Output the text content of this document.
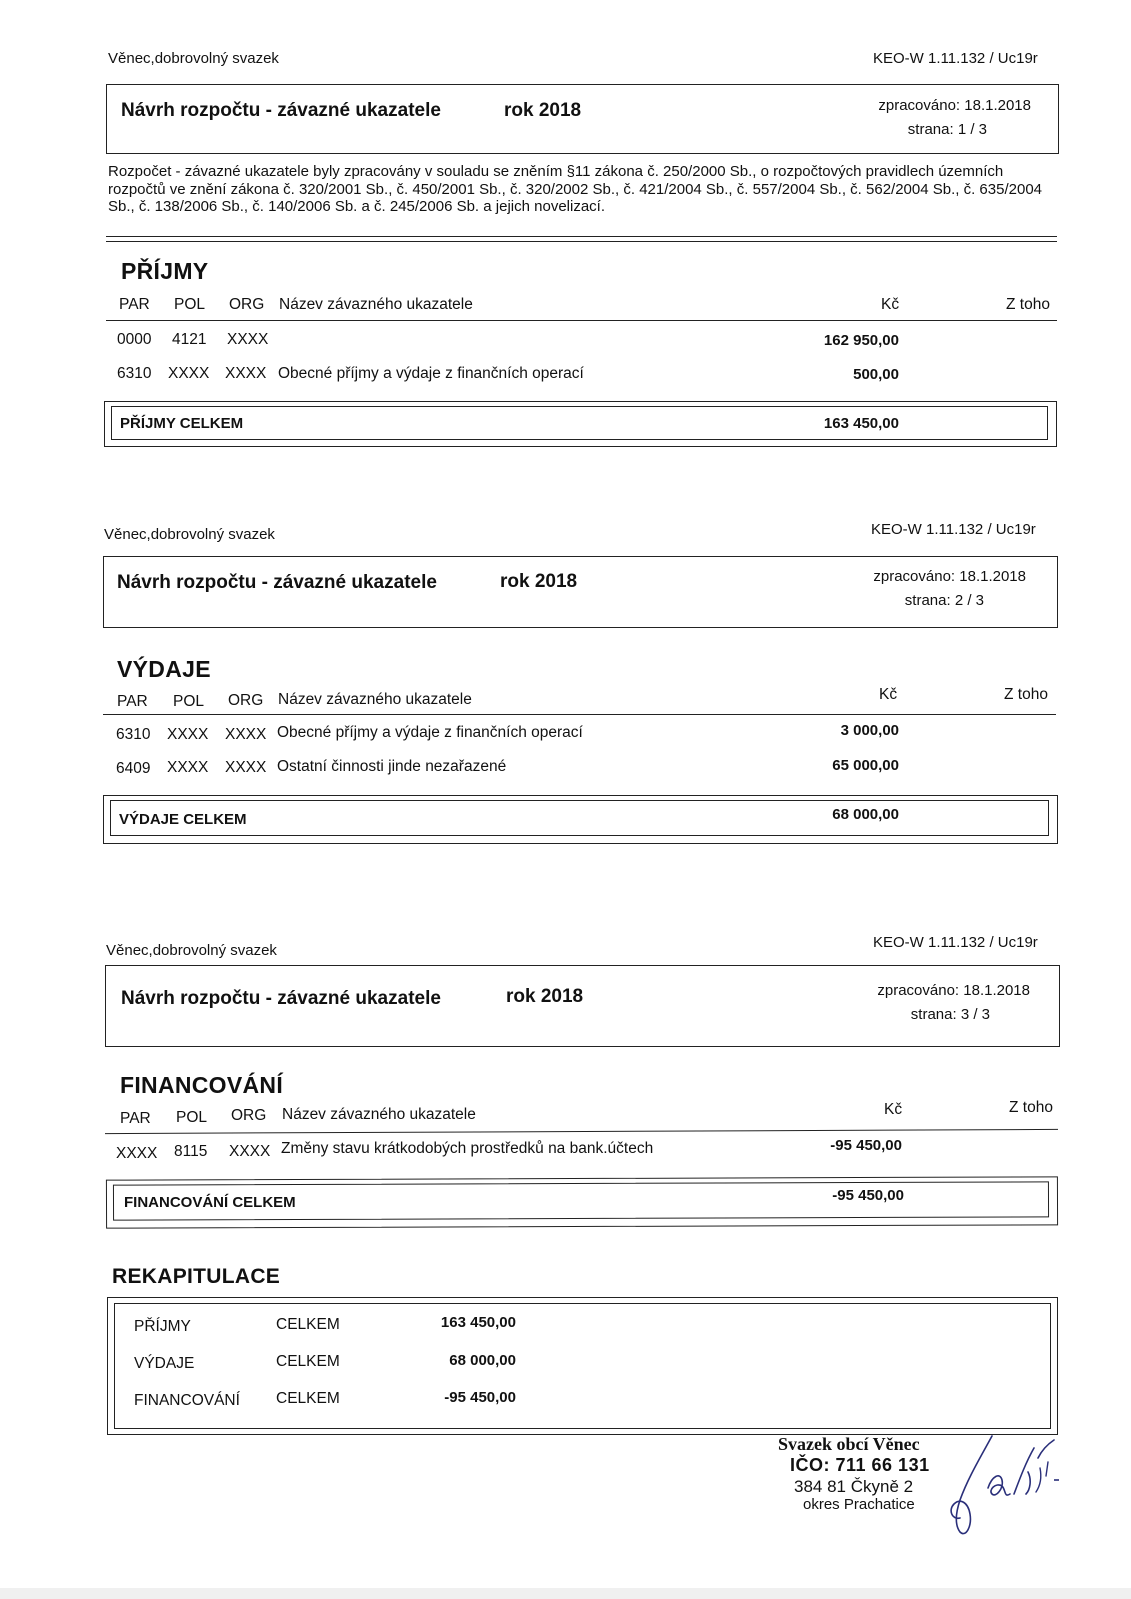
Věnec,dobrovolný svazek	KEO-W 1.11.132 / Uc19r
Návrh rozpočtu - závazné ukazatele	rok 2018	zpracováno: 18.1.2018
strana: 1 / 3
Rozpočet - závazné ukazatele byly zpracovány v souladu se zněním §11 zákona č. 250/2000 Sb., o rozpočtových pravidlech územních rozpočtů ve znění zákona č. 320/2001 Sb., č. 450/2001 Sb., č. 320/2002 Sb., č. 421/2004 Sb., č. 557/2004 Sb., č. 562/2004 Sb., č. 635/2004 Sb., č. 138/2006 Sb., č. 140/2006 Sb. a č. 245/2006 Sb. a jejich novelizací.
PŘÍJMY
PAR POL ORG Název závazného ukazatele	Kč	Z toho
0000 4121 XXXX	162 950,00
6310 XXXX XXXX Obecné příjmy a výdaje z finančních operací	500,00
PŘÍJMY CELKEM	163 450,00
Věnec,dobrovolný svazek	KEO-W 1.11.132 / Uc19r
Návrh rozpočtu - závazné ukazatele	rok 2018	zpracováno: 18.1.2018
strana: 2 / 3
VÝDAJE
PAR POL ORG Název závazného ukazatele	Kč	Z toho
6310 XXXX XXXX Obecné příjmy a výdaje z finančních operací	3 000,00
6409 XXXX XXXX Ostatní činnosti jinde nezařazené	65 000,00
VÝDAJE CELKEM	68 000,00
Věnec,dobrovolný svazek	KEO-W 1.11.132 / Uc19r
Návrh rozpočtu - závazné ukazatele	rok 2018	zpracováno: 18.1.2018
strana: 3 / 3
FINANCOVÁNÍ
PAR POL ORG Název závazného ukazatele	Kč	Z toho
XXXX 8115 XXXX Změny stavu krátkodobých prostředků na bank.účtech	-95 450,00
FINANCOVÁNÍ CELKEM	-95 450,00
REKAPITULACE
PŘÍJMY	CELKEM	163 450,00
VÝDAJE	CELKEM	68 000,00
FINANCOVÁNÍ CELKEM	-95 450,00
Svazek obcí Věnec
IČO: 711 66 131
384 81 Čkyně 2
okres Prachatice
